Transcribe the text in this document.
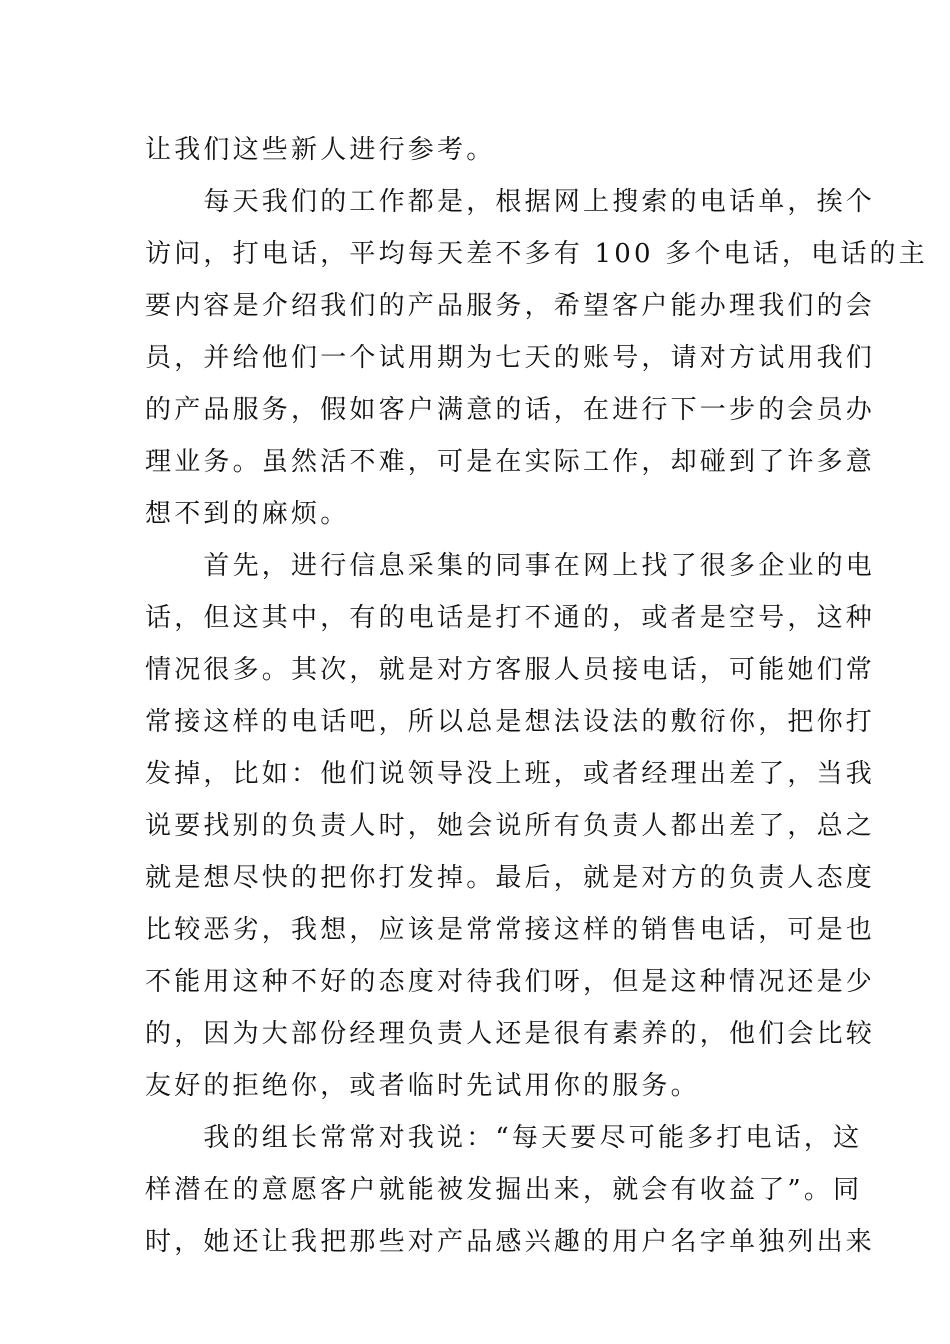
让我们这些新人进行参考。
　　每天我们的工作都是，根据网上搜索的电话单，挨个
访问，打电话，平均每天差不多有 100 多个电话，电话的主
要内容是介绍我们的产品服务，希望客户能办理我们的会
员，并给他们一个试用期为七天的账号，请对方试用我们
的产品服务，假如客户满意的话，在进行下一步的会员办
理业务。虽然活不难，可是在实际工作，却碰到了许多意
想不到的麻烦。
　　首先，进行信息采集的同事在网上找了很多企业的电
话，但这其中，有的电话是打不通的，或者是空号，这种
情况很多。其次，就是对方客服人员接电话，可能她们常
常接这样的电话吧，所以总是想法设法的敷衍你，把你打
发掉，比如：他们说领导没上班，或者经理出差了，当我
说要找别的负责人时，她会说所有负责人都出差了，总之
就是想尽快的把你打发掉。最后，就是对方的负责人态度
比较恶劣，我想，应该是常常接这样的销售电话，可是也
不能用这种不好的态度对待我们呀，但是这种情况还是少
的，因为大部份经理负责人还是很有素养的，他们会比较
友好的拒绝你，或者临时先试用你的服务。
　　我的组长常常对我说：“每天要尽可能多打电话，这
样潜在的意愿客户就能被发掘出来，就会有收益了”。同
时，她还让我把那些对产品感兴趣的用户名字单独列出来
